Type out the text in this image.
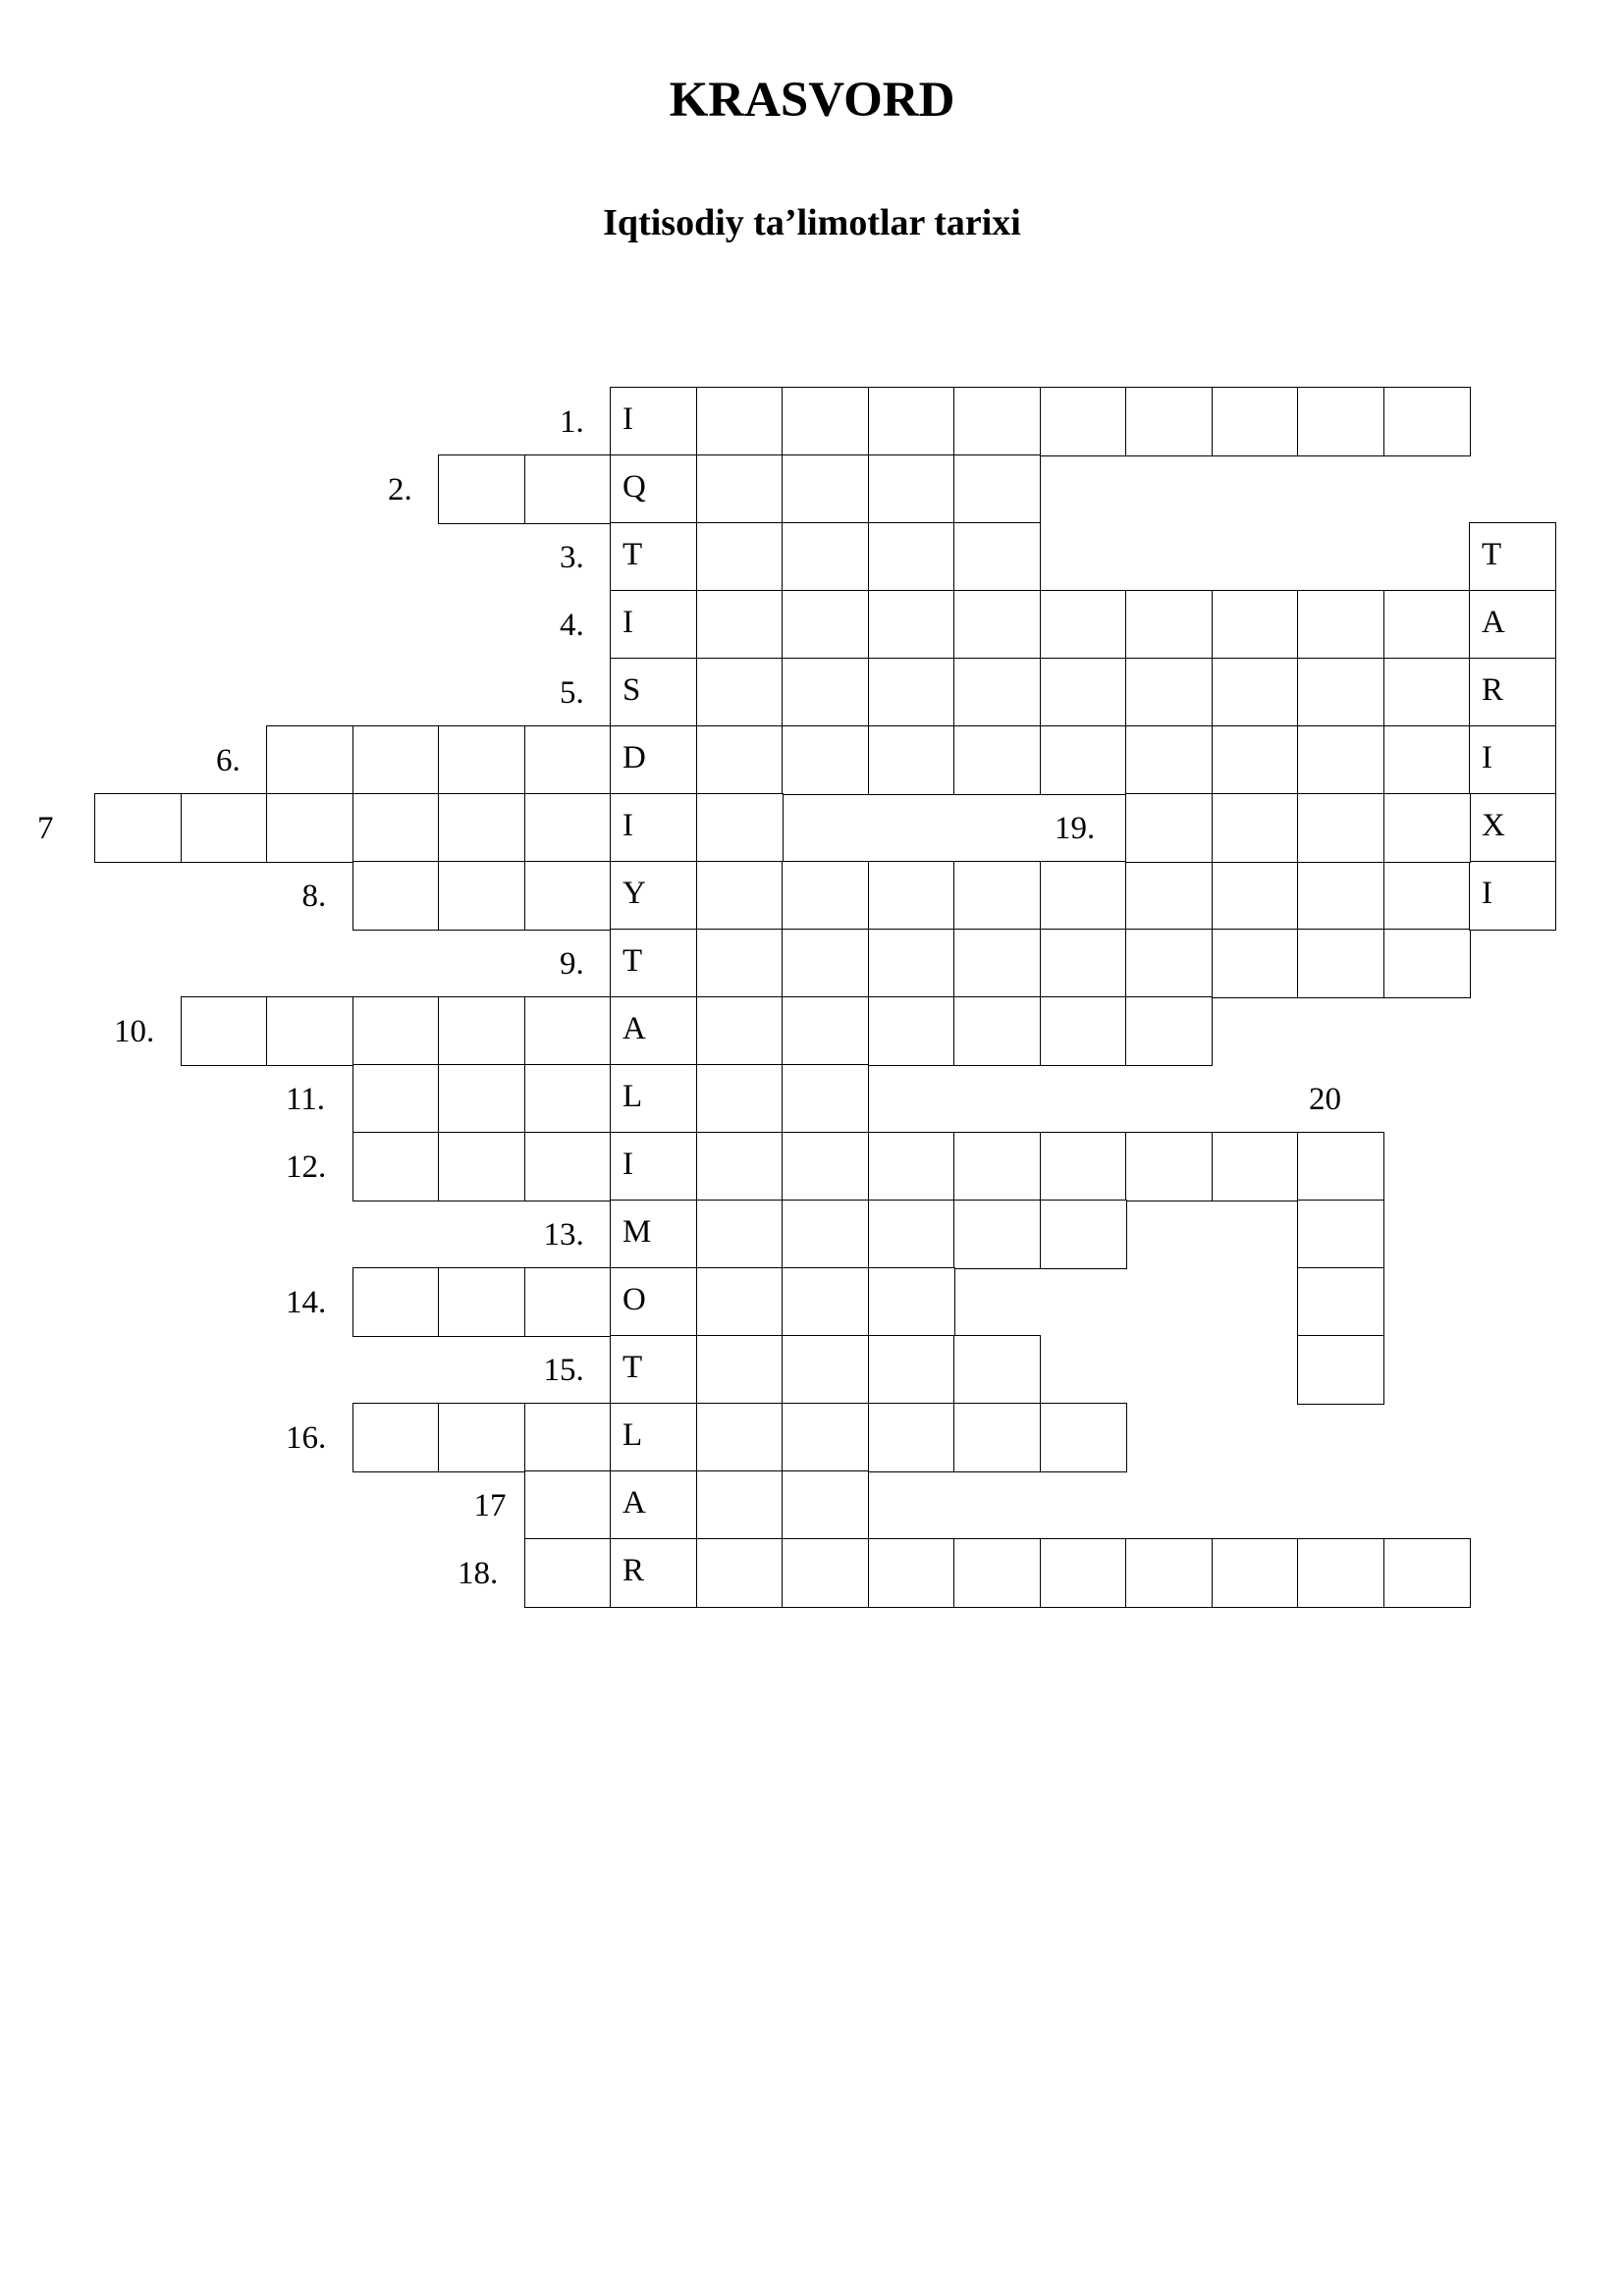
KRASVORD
Iqtisodiy ta’limotlar tarixi
I
1.
Q
2.
T
3.
I
4.
S
5.
D
6.
I
7
Y
8.
T
9.
A
10.
L
11.
I
12.
M
13.
O
14.
T
15.
L
16.
A
17
R
18.
T
A
R
I
X
I
19.
20
